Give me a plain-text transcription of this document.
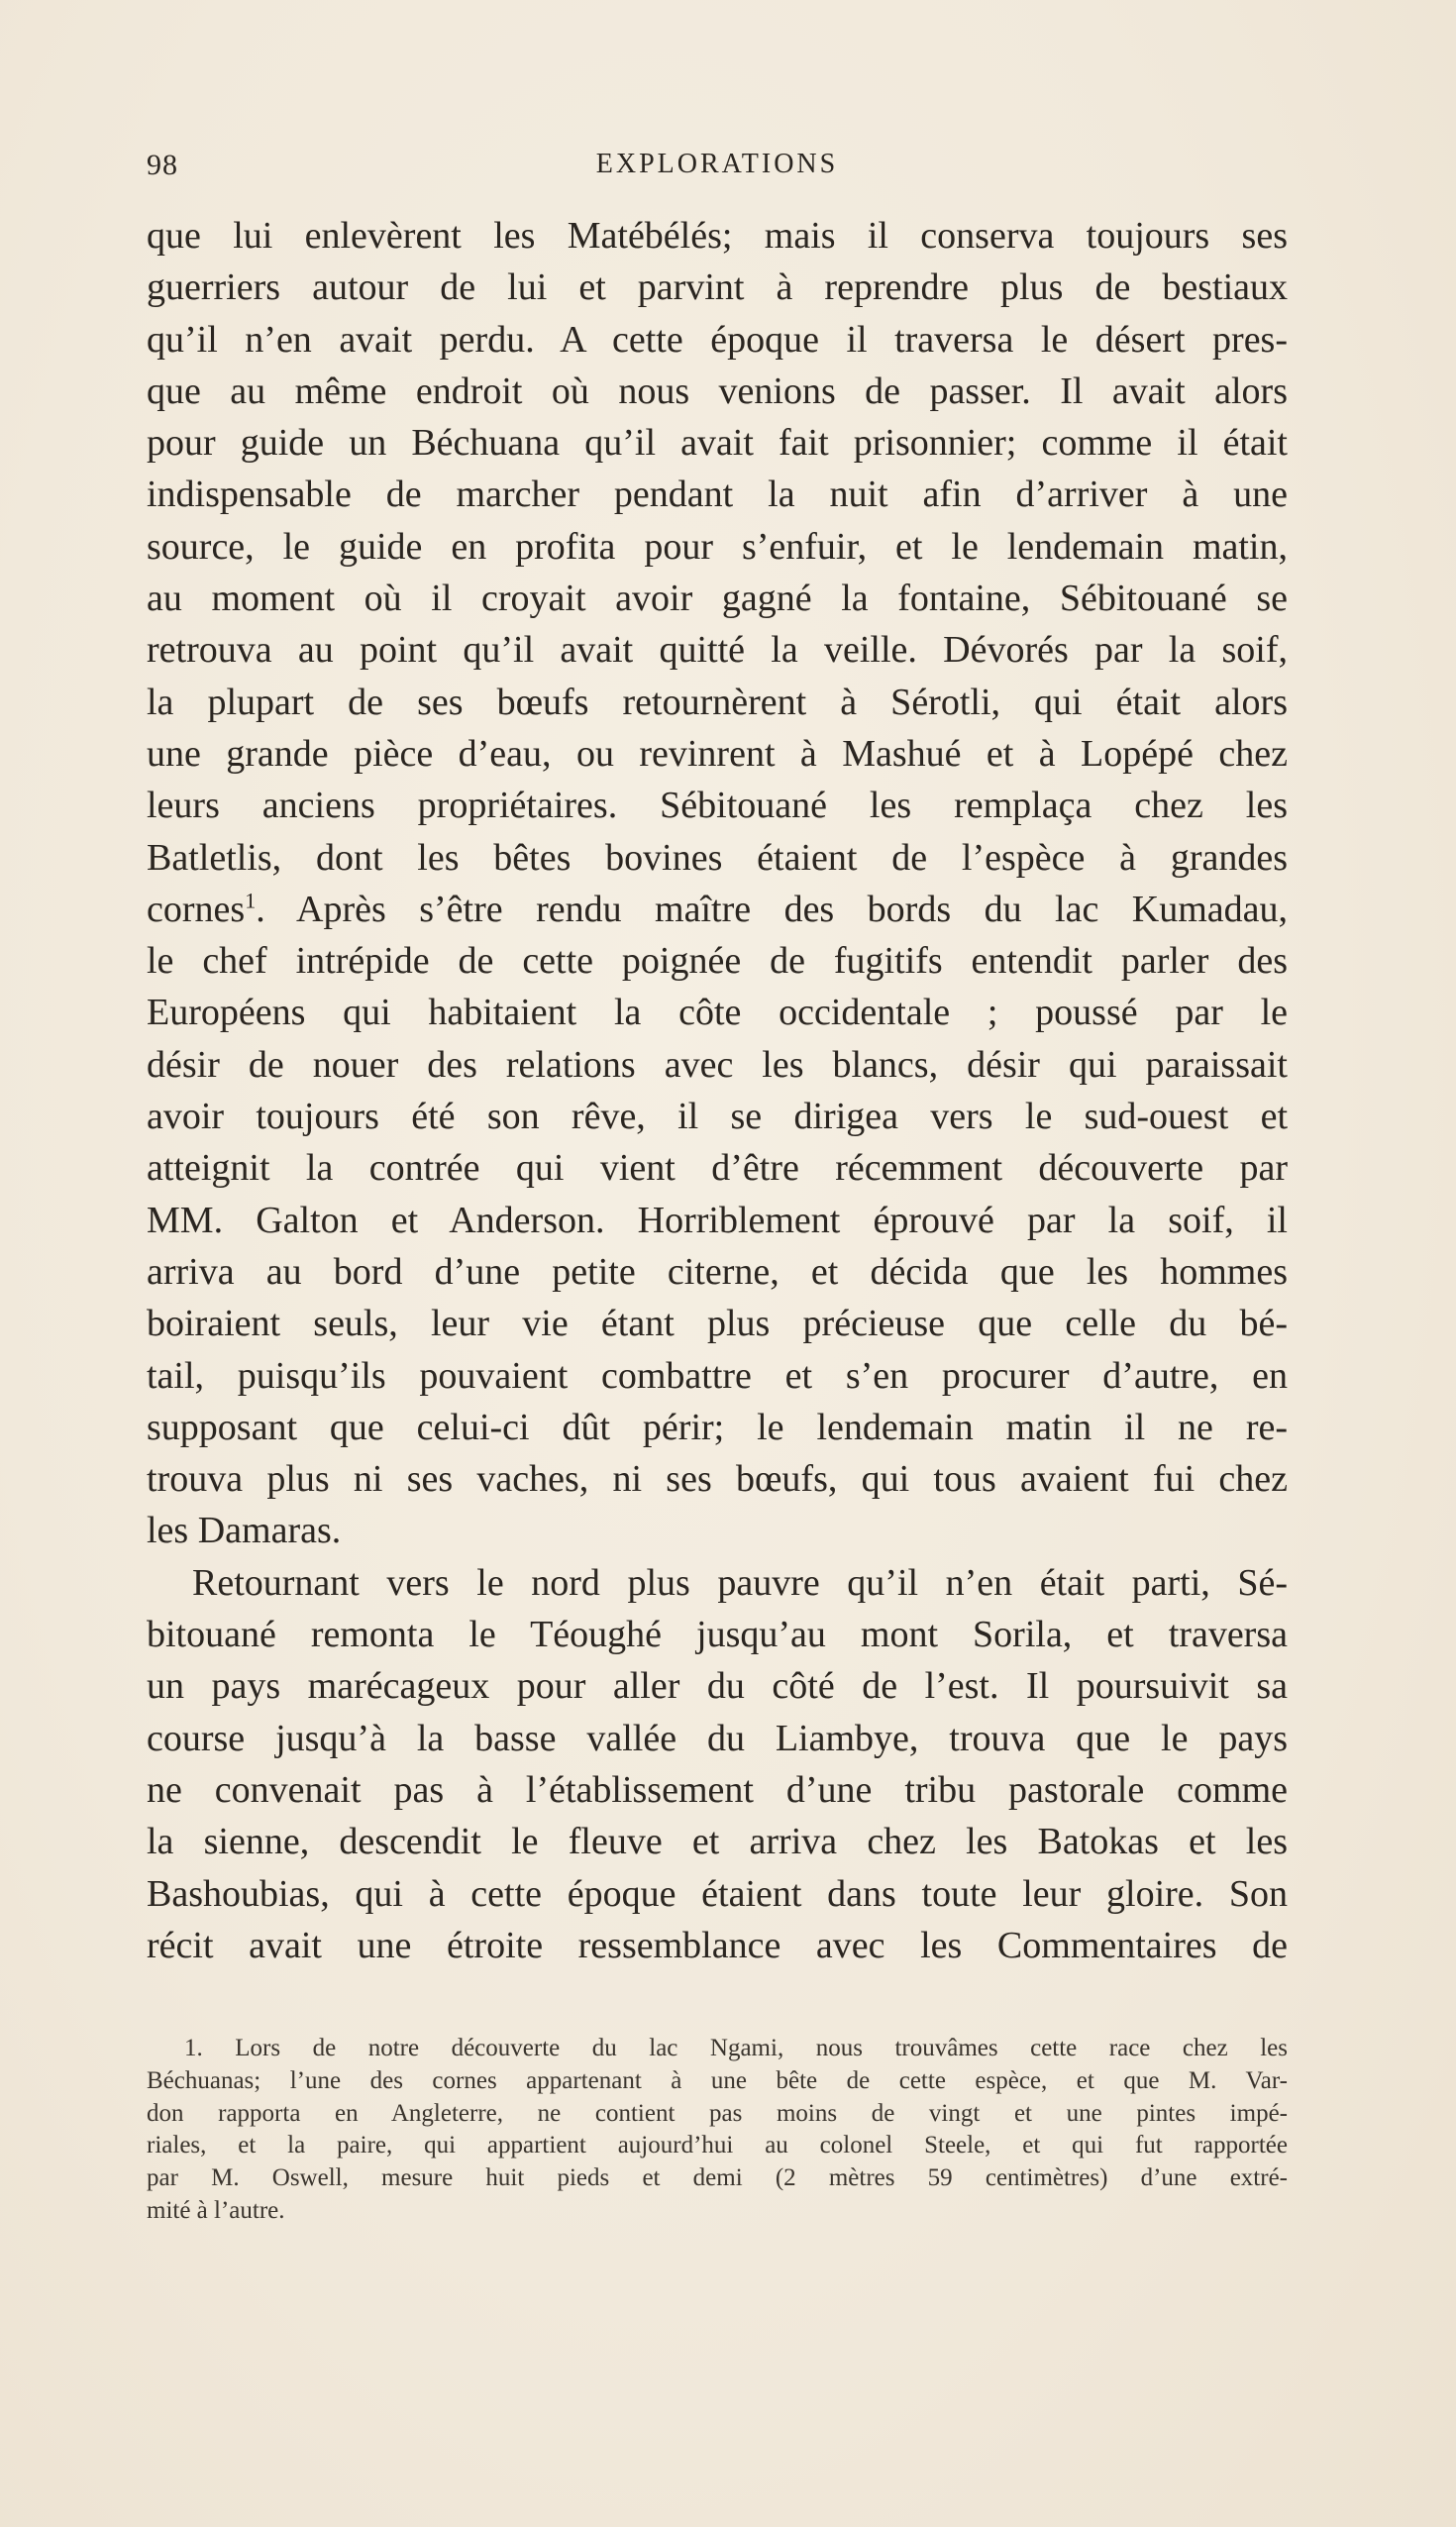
98	EXPLORATIONS
que lui enlevèrent les Matébélés; mais il conserva toujours ses
guerriers autour de lui et parvint à reprendre plus de bestiaux
qu’il n’en avait perdu. A cette époque il traversa le désert pres-
que au même endroit où nous venions de passer. Il avait alors
pour guide un Béchuana qu’il avait fait prisonnier; comme il était
indispensable de marcher pendant la nuit afin d’arriver à une
source, le guide en profita pour s’enfuir, et le lendemain matin,
au moment où il croyait avoir gagné la fontaine, Sébitouané se
retrouva au point qu’il avait quitté la veille. Dévorés par la soif,
la plupart de ses bœufs retournèrent à Sérotli, qui était alors
une grande pièce d’eau, ou revinrent à Mashué et à Lopépé chez
leurs anciens propriétaires. Sébitouané les remplaça chez les
Batletlis, dont les bêtes bovines étaient de l’espèce à grandes
cornes$^1$. Après s’être rendu maître des bords du lac Kumadau,
le chef intrépide de cette poignée de fugitifs entendit parler des
Européens qui habitaient la côte occidentale ; poussé par le
désir de nouer des relations avec les blancs, désir qui paraissait
avoir toujours été son rêve, il se dirigea vers le sud-ouest et
atteignit la contrée qui vient d’être récemment découverte par
MM. Galton et Anderson. Horriblement éprouvé par la soif, il
arriva au bord d’une petite citerne, et décida que les hommes
boiraient seuls, leur vie étant plus précieuse que celle du bé-
tail, puisqu’ils pouvaient combattre et s’en procurer d’autre, en
supposant que celui-ci dût périr; le lendemain matin il ne re-
trouva plus ni ses vaches, ni ses bœufs, qui tous avaient fui chez
les Damaras.
Retournant vers le nord plus pauvre qu’il n’en était parti, Sé-
bitouané remonta le Téoughé jusqu’au mont Sorila, et traversa
un pays marécageux pour aller du côté de l’est. Il poursuivit sa
course jusqu’à la basse vallée du Liambye, trouva que le pays
ne convenait pas à l’établissement d’une tribu pastorale comme
la sienne, descendit le fleuve et arriva chez les Batokas et les
Bashoubias, qui à cette époque étaient dans toute leur gloire. Son
récit avait une étroite ressemblance avec les Commentaires de
1. Lors de notre découverte du lac Ngami, nous trouvâmes cette race chez les
Béchuanas; l’une des cornes appartenant à une bête de cette espèce, et que M. Var-
don rapporta en Angleterre, ne contient pas moins de vingt et une pintes impé-
riales, et la paire, qui appartient aujourd’hui au colonel Steele, et qui fut rapportée
par M. Oswell, mesure huit pieds et demi (2 mètres 59 centimètres) d’une extré-
mité à l’autre.
